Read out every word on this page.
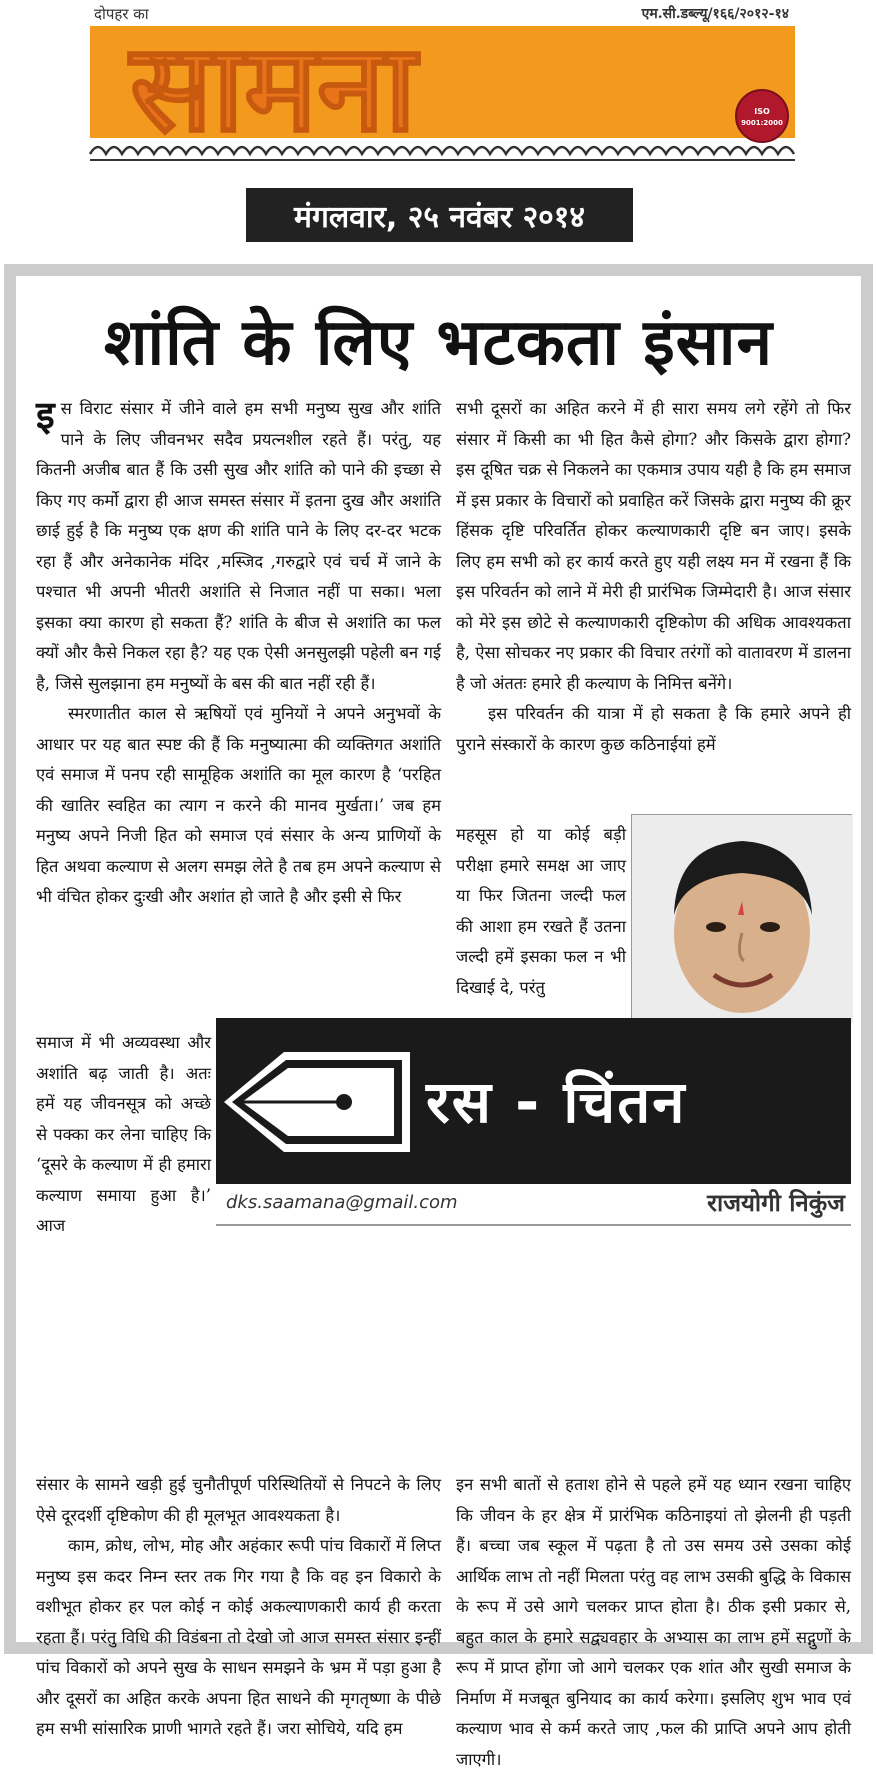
दोपहर का	एम.सी.डब्ल्यू/१६६/२०१२-१४
सामना	ISO
9001:2000
मंगलवार, २५ नवंबर २०१४
शांति के लिए भटकता इंसान

इस विराट संसार में जीने वाले हम सभी मनुष्य सुख और शांति पाने के लिए जीवनभर सदैव प्रयत्नशील रहते हैं। परंतु, यह कितनी अजीब बात हैं कि उसी सुख और शांति को पाने की इच्छा से किए गए कर्मो द्वारा ही आज समस्त संसार में इतना दुख और अशांति छाई हुई है कि मनुष्य एक क्षण की शांति पाने के लिए दर-दर भटक रहा हैं और अनेकानेक मंदिर ,मस्जिद ,गरुद्वारे एवं चर्च में जाने के पश्चात भी अपनी भीतरी अशांति से निजात नहीं पा सका। भला इसका क्या कारण हो सकता हैं? शांति के बीज से अशांति का फल क्यों और कैसे निकल रहा है? यह एक ऐसी अनसुलझी पहेली बन गई है, जिसे सुलझाना हम मनुष्यों के बस की बात नहीं रही हैं।

स्मरणातीत काल से ऋषियों एवं मुनियों ने अपने अनुभवों के आधार पर यह बात स्पष्ट की हैं कि मनुष्यात्मा की व्यक्तिगत अशांति एवं समाज में पनप रही सामूहिक अशांति का मूल कारण है ‘परहित की खातिर स्वहित का त्याग न करने की मानव मुर्खता।’ जब हम मनुष्य अपने निजी हित को समाज एवं संसार के अन्य प्राणियों के हित अथवा कल्याण से अलग समझ लेते है तब हम अपने कल्याण से भी वंचित होकर दुःखी और अशांत हो जाते है और इसी से फिर

समाज में भी अव्यवस्था और अशांति बढ़ जाती है। अतः हमें यह जीवनसूत्र को अच्छे से पक्का कर लेना चाहिए कि ‘दूसरे के कल्याण में ही हमारा कल्याण समाया हुआ है।’ आज

सभी दूसरों का अहित करने में ही सारा समय लगे रहेंगे तो फिर संसार में किसी का भी हित कैसे होगा? और किसके द्वारा होगा? इस दूषित चक्र से निकलने का एकमात्र उपाय यही है कि हम समाज में इस प्रकार के विचारों को प्रवाहित करें जिसके द्वारा मनुष्य की क्रूर हिंसक दृष्टि परिवर्तित होकर कल्याणकारी दृष्टि बन जाए। इसके लिए हम सभी को हर कार्य करते हुए यही लक्ष्य मन में रखना हैं कि इस परिवर्तन को लाने में मेरी ही प्रारंभिक जिम्मेदारी है। आज संसार को मेरे इस छोटे से कल्याणकारी दृष्टिकोण की अधिक आवश्यकता है, ऐसा सोचकर नए प्रकार की विचार तरंगों को वातावरण में डालना है जो अंततः हमारे ही कल्याण के निमित्त बनेंगे।

इस परिवर्तन की यात्रा में हो सकता है कि हमारे अपने ही पुराने संस्कारों के कारण कुछ कठिनाईयां हमें

महसूस हो या कोई बड़ी परीक्षा हमारे समक्ष आ जाए या फिर जितना जल्दी फल की आशा हम रखते हैं उतना जल्दी हमें इसका फल न भी दिखाई दे, परंतु

रस - चिंतन
dks.saamana@gmail.com	राजयोगी निकुंज

संसार के सामने खड़ी हुई चुनौतीपूर्ण परिस्थितियों से निपटने के लिए ऐसे दूरदर्शी दृष्टिकोण की ही मूलभूत आवश्यकता है।

काम, क्रोध, लोभ, मोह और अहंकार रूपी पांच विकारों में लिप्त मनुष्य इस कदर निम्न स्तर तक गिर गया है कि वह इन विकारो के वशीभूत होकर हर पल कोई न कोई अकल्याणकारी कार्य ही करता रहता हैं। परंतु विधि की विडंबना तो देखो जो आज समस्त संसार इन्हीं पांच विकारों को अपने सुख के साधन समझने के भ्रम में पड़ा हुआ है और दूसरों का अहित करके अपना हित साधने की मृगतृष्णा के पीछे हम सभी सांसारिक प्राणी भागते रहते हैं। जरा सोचिये, यदि हम

इन सभी बातों से हताश होने से पहले हमें यह ध्यान रखना चाहिए कि जीवन के हर क्षेत्र में प्रारंभिक कठिनाइयां तो झेलनी ही पड़ती हैं। बच्चा जब स्कूल में पढ़ता है तो उस समय उसे उसका कोई आर्थिक लाभ तो नहीं मिलता परंतु वह लाभ उसकी बुद्धि के विकास के रूप में उसे आगे चलकर प्राप्त होता है। ठीक इसी प्रकार से, बहुत काल के हमारे सद्व्यवहार के अभ्यास का लाभ हमें सद्गुणों के रूप में प्राप्त होंगा जो आगे चलकर एक शांत और सुखी समाज के निर्माण में मजबूत बुनियाद का कार्य करेगा। इसलिए शुभ भाव एवं कल्याण भाव से कर्म करते जाए ,फल की प्राप्ति अपने आप होती जाएगी।
